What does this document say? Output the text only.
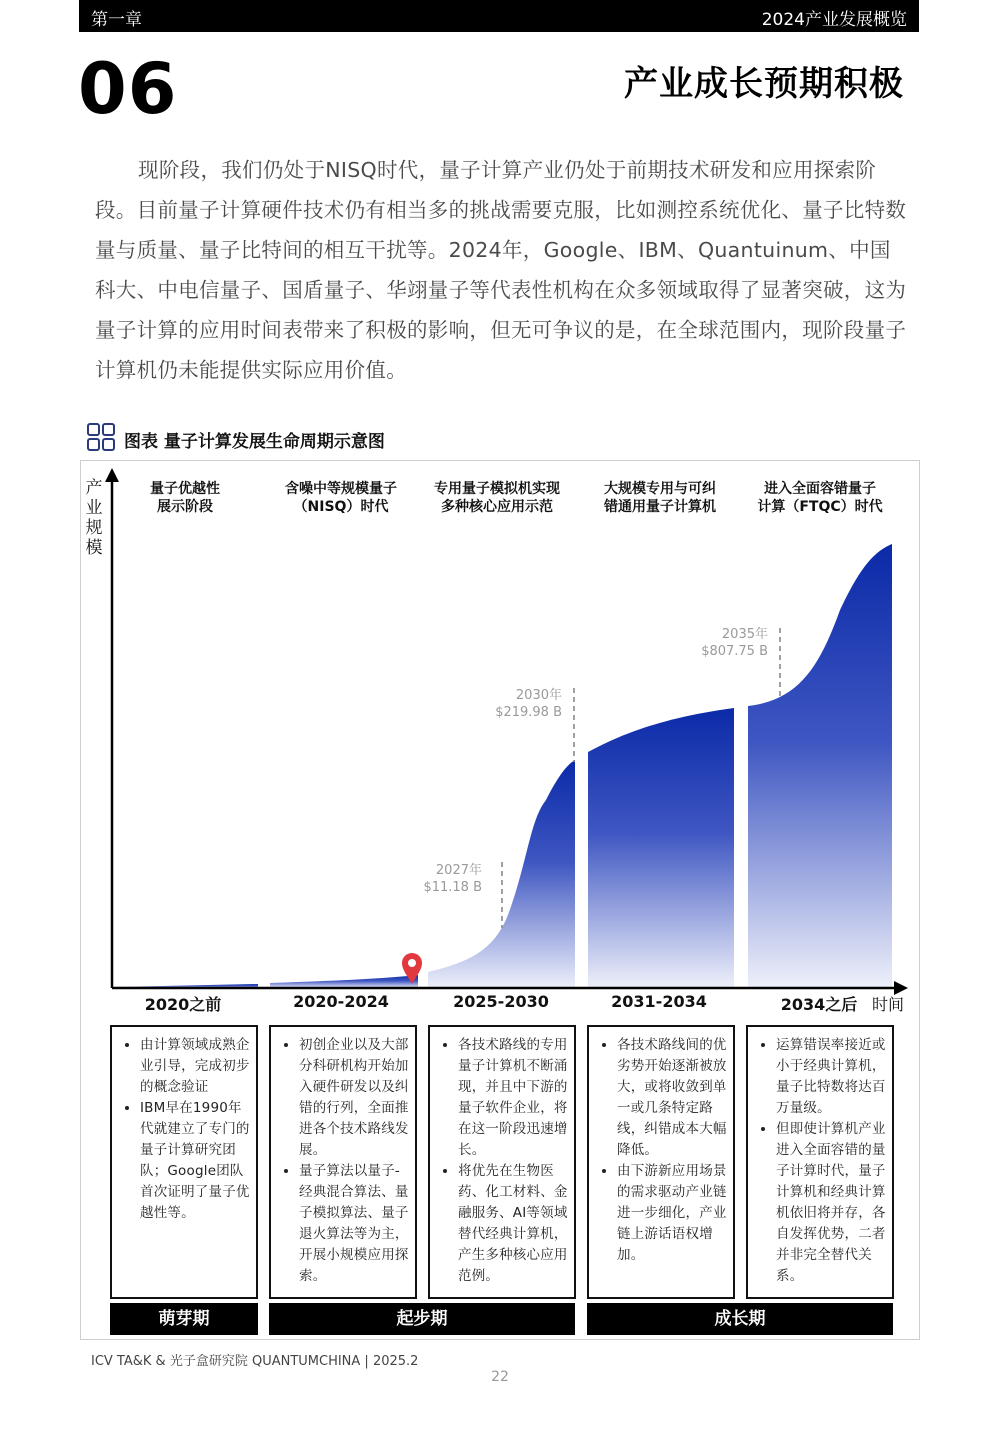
第一章	2024产业发展概览
06	产业成长预期积极

现阶段，我们仍处于NISQ时代，量子计算产业仍处于前期技术研发和应用探索阶段。目前量子计算硬件技术仍有相当多的挑战需要克服，比如测控系统优化、量子比特数量与质量、量子比特间的相互干扰等。2024年，Google、IBM、Quantuinum、中国科大、中电信量子、国盾量子、华翊量子等代表性机构在众多领域取得了显著突破，这为量子计算的应用时间表带来了积极的影响，但无可争议的是，在全球范围内，现阶段量子计算机仍未能提供实际应用价值。

图表 量子计算发展生命周期示意图
产业规模
时间
量子优越性
展示阶段
含噪中等规模量子
（NISQ）时代
专用量子模拟机实现
多种核心应用示范
大规模专用与可纠
错通用量子计算机
进入全面容错量子
计算（FTQC）时代
2027年
$11.18 B
2030年
$219.98 B
2035年
$807.75 B
2020之前	2020-2024	2025-2030	2031-2034	2034之后
• 由计算领域成熟企业引导，完成初步的概念验证
• IBM早在1990年代就建立了专门的量子计算研究团队；Google团队首次证明了量子优越性等。
• 初创企业以及大部分科研机构开始加入硬件研发以及纠错的行列，全面推进各个技术路线发展。
• 量子算法以量子-经典混合算法、量子模拟算法、量子退火算法等为主，开展小规模应用探索。
• 各技术路线的专用量子计算机不断涌现，并且中下游的量子软件企业，将在这一阶段迅速增长。
• 将优先在生物医药、化工材料、金融服务、AI等领域替代经典计算机，产生多种核心应用范例。
• 各技术路线间的优劣势开始逐渐被放大，或将收敛到单一或几条特定路线，纠错成本大幅降低。
• 由下游新应用场景的需求驱动产业链进一步细化，产业链上游话语权增加。
• 运算错误率接近或小于经典计算机，量子比特数将达百万量级。
• 但即使计算机产业进入全面容错的量子计算时代，量子计算机和经典计算机依旧将并存，各自发挥优势，二者并非完全替代关系。
萌芽期	起步期	成长期
ICV TA&K & 光子盒研究院 QUANTUMCHINA | 2025.2
22
